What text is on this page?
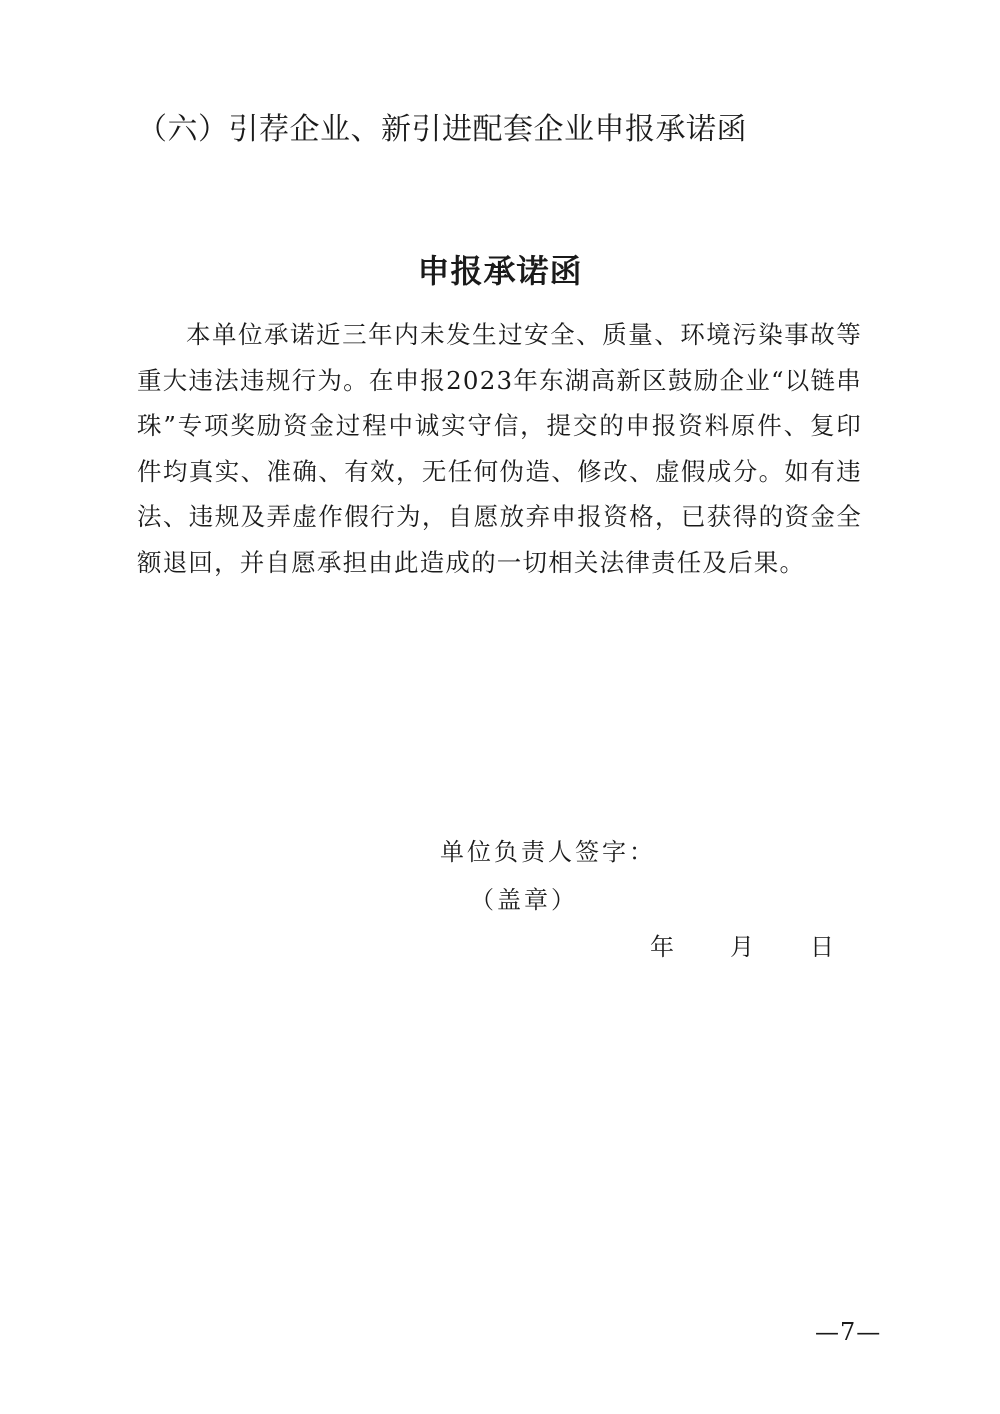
（六）引荐企业、新引进配套企业申报承诺函
申报承诺函

本单位承诺近三年内未发生过安全、质量、环境污染事故等重大违法违规行为。在申报2023年东湖高新区鼓励企业“以链串珠”专项奖励资金过程中诚实守信，提交的申报资料原件、复印件均真实、准确、有效，无任何伪造、修改、虚假成分。如有违法、违规及弄虚作假行为，自愿放弃申报资格，已获得的资金全额退回，并自愿承担由此造成的一切相关法律责任及后果。

单位负责人签字：

（盖章）

年 月 日
—7—
